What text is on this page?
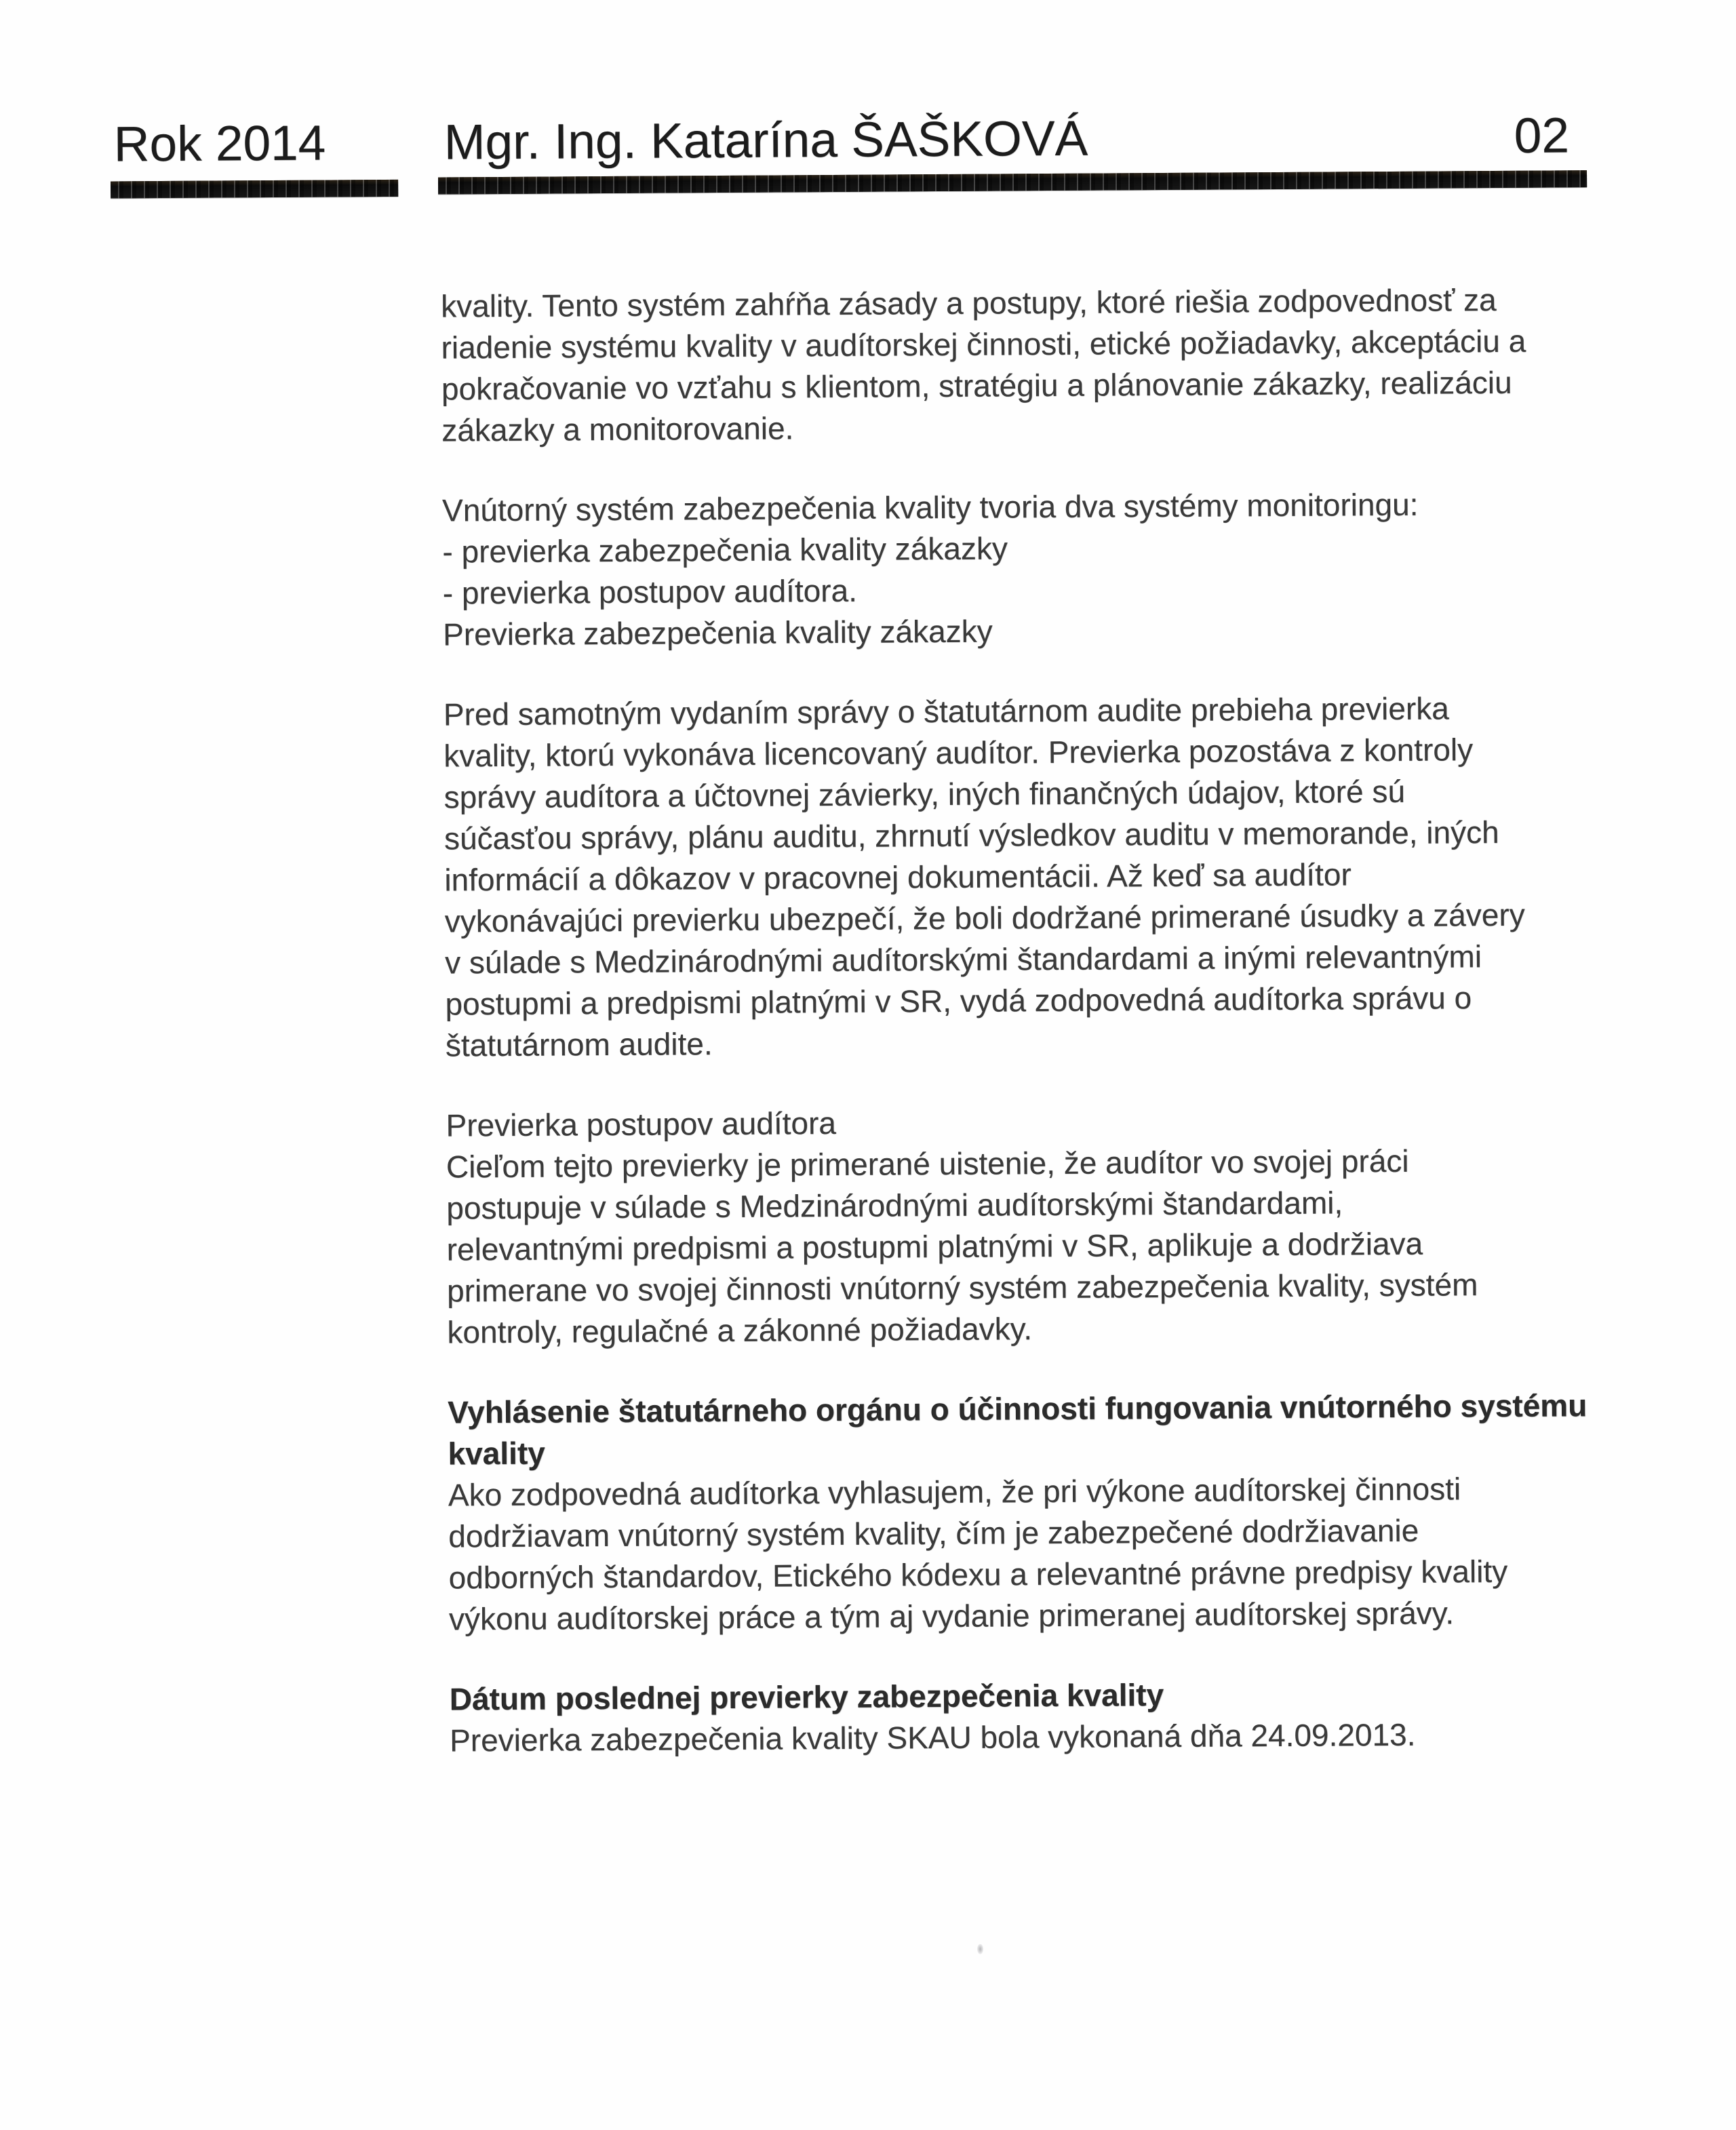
Rok 2014 Mgr. Ing. Katarína ŠAŠKOVÁ	02
kvality. Tento systém zahŕňa zásady a postupy, ktoré riešia zodpovednosť za
riadenie systému kvality v audítorskej činnosti, etické požiadavky, akceptáciu a
pokračovanie vo vzťahu s klientom, stratégiu a plánovanie zákazky, realizáciu
zákazky a monitorovanie.
Vnútorný systém zabezpečenia kvality tvoria dva systémy monitoringu:
- previerka zabezpečenia kvality zákazky
- previerka postupov audítora.
Previerka zabezpečenia kvality zákazky
Pred samotným vydaním správy o štatutárnom audite prebieha previerka
kvality, ktorú vykonáva licencovaný audítor. Previerka pozostáva z kontroly
správy audítora a účtovnej závierky, iných finančných údajov, ktoré sú
súčasťou správy, plánu auditu, zhrnutí výsledkov auditu v memorande, iných
informácií a dôkazov v pracovnej dokumentácii. Až keď sa audítor
vykonávajúci previerku ubezpečí, že boli dodržané primerané úsudky a závery
v súlade s Medzinárodnými audítorskými štandardami a inými relevantnými
postupmi a predpismi platnými v SR, vydá zodpovedná audítorka správu o
štatutárnom audite.
Previerka postupov audítora
Cieľom tejto previerky je primerané uistenie, že audítor vo svojej práci
postupuje v súlade s Medzinárodnými audítorskými štandardami,
relevantnými predpismi a postupmi platnými v SR, aplikuje a dodržiava
primerane vo svojej činnosti vnútorný systém zabezpečenia kvality, systém
kontroly, regulačné a zákonné požiadavky.
Vyhlásenie štatutárneho orgánu o účinnosti fungovania vnútorného systému
kvality
Ako zodpovedná audítorka vyhlasujem, že pri výkone audítorskej činnosti
dodržiavam vnútorný systém kvality, čím je zabezpečené dodržiavanie
odborných štandardov, Etického kódexu a relevantné právne predpisy kvality
výkonu audítorskej práce a tým aj vydanie primeranej audítorskej správy.
Dátum poslednej previerky zabezpečenia kvality
Previerka zabezpečenia kvality SKAU bola vykonaná dňa 24.09.2013.
